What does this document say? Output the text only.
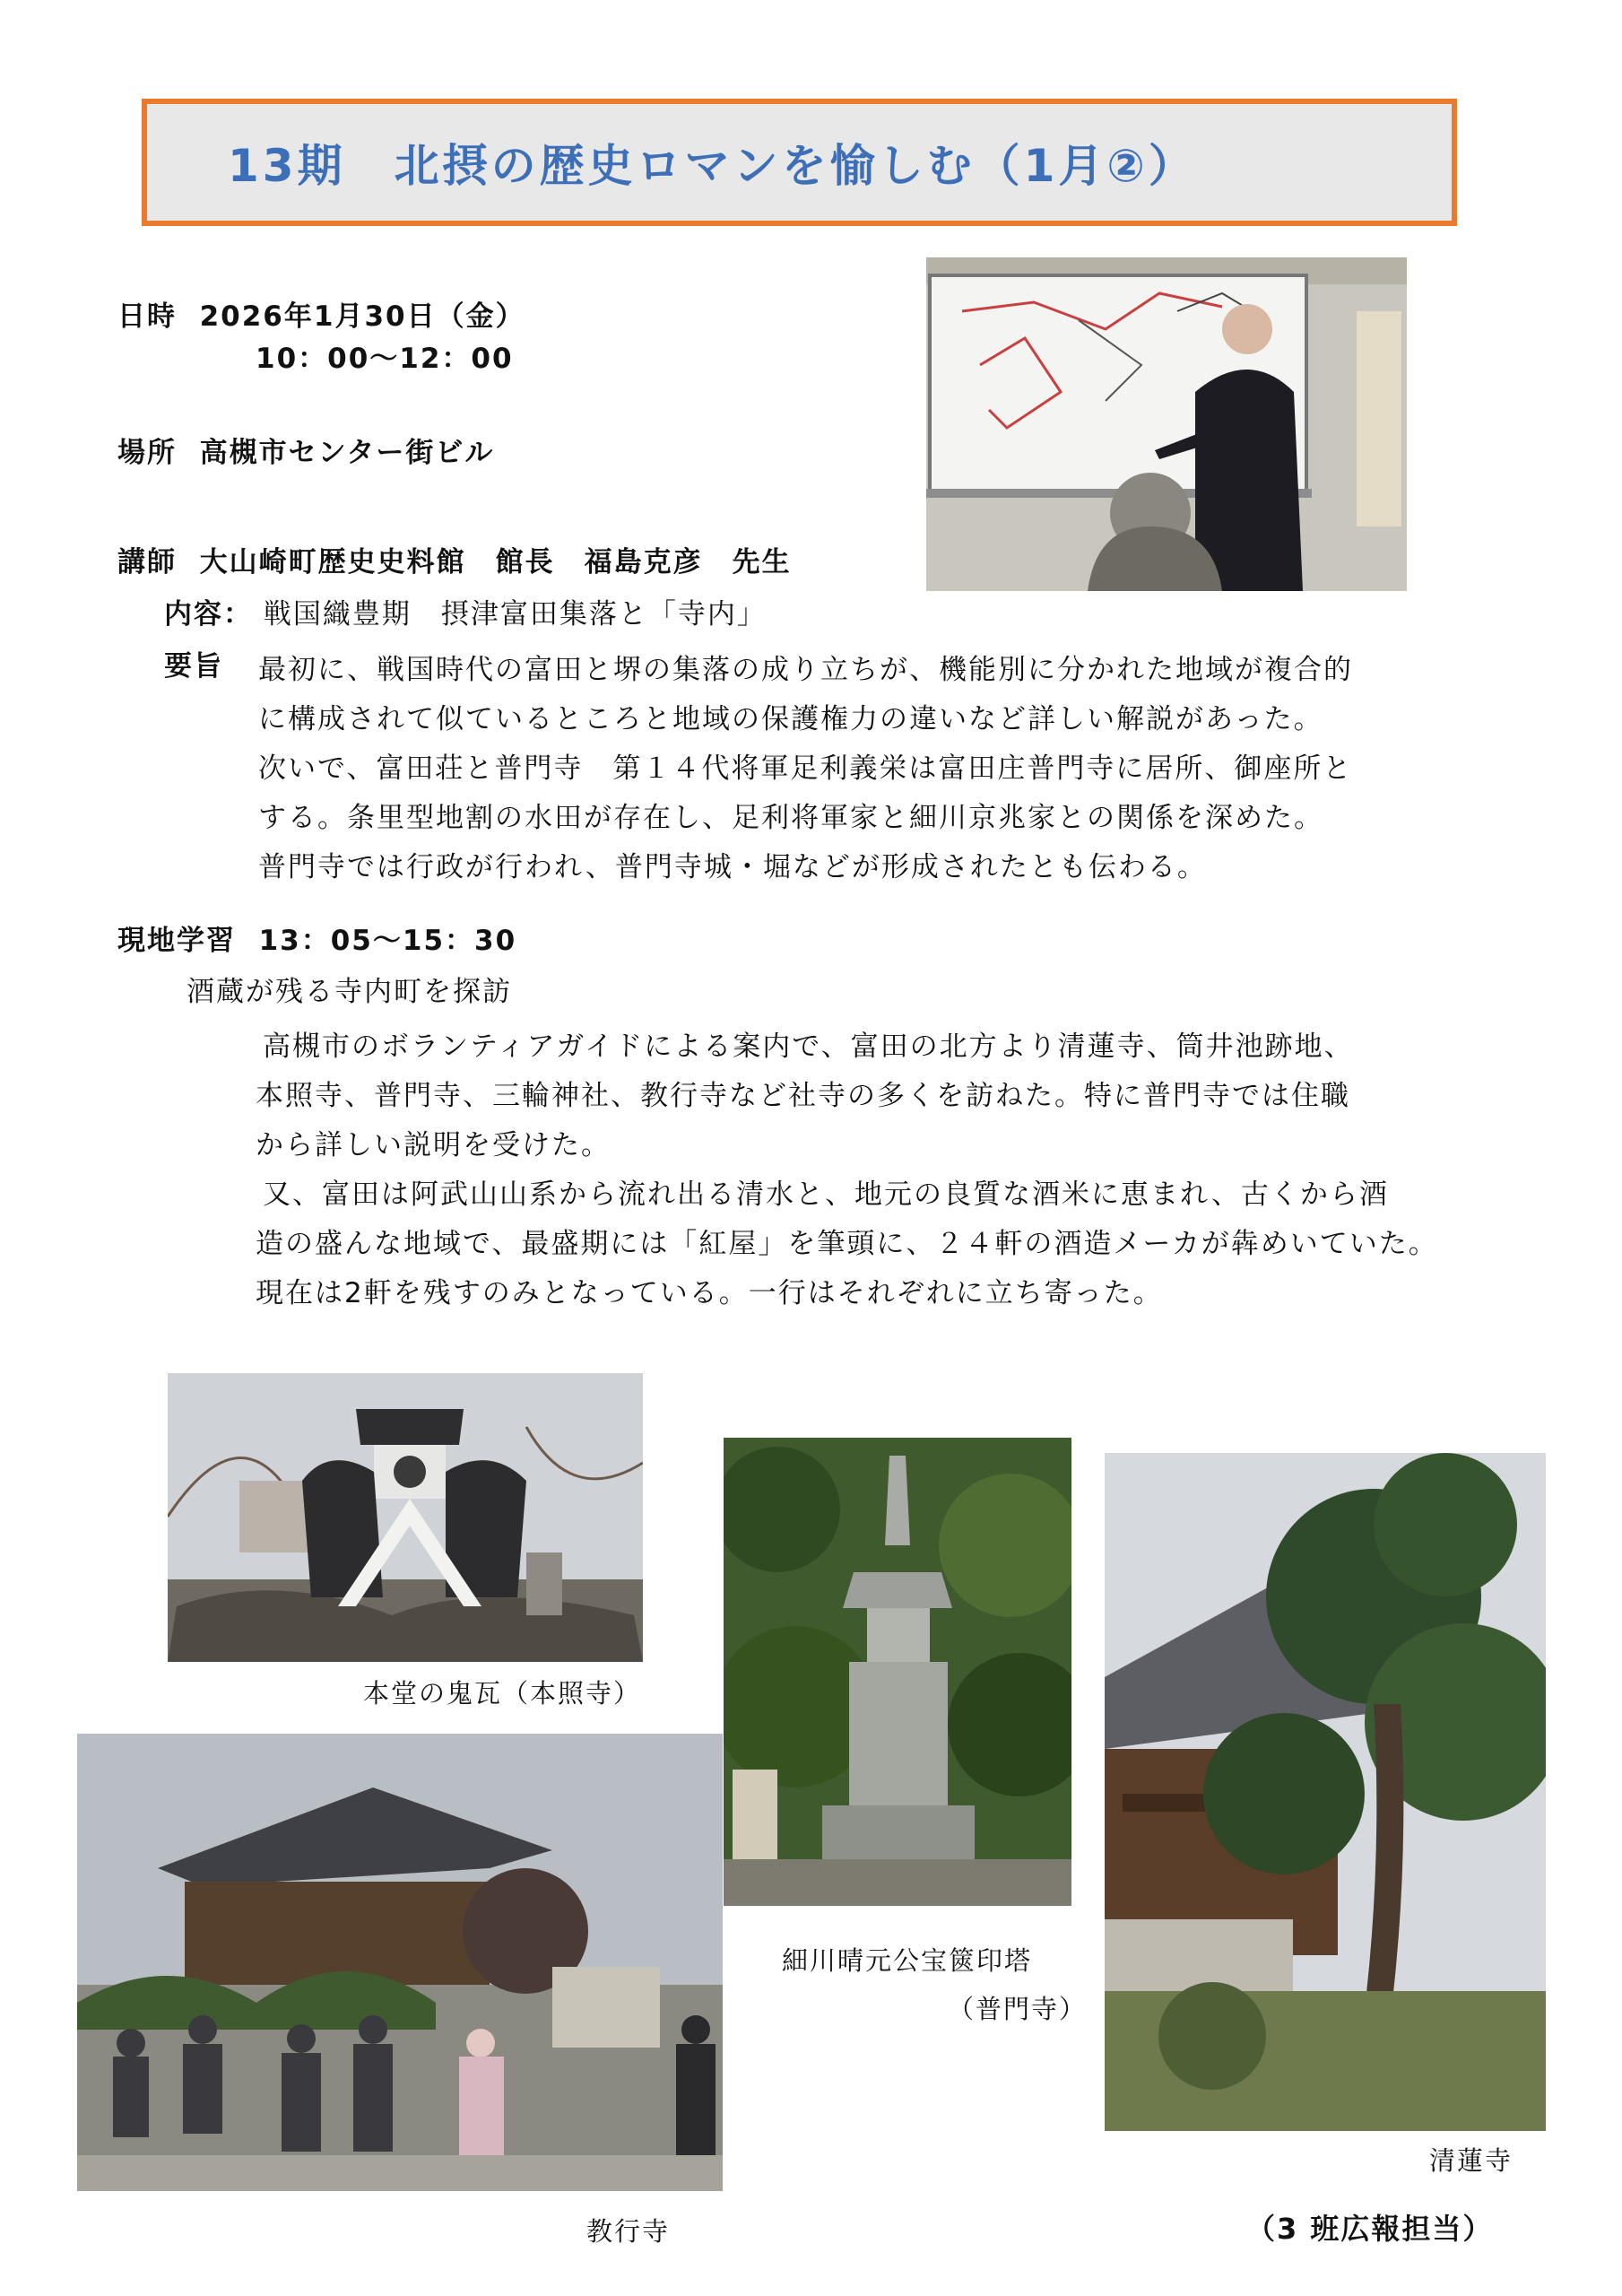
13期　北摂の歴史ロマンを愉しむ（1月②）
日時 2026年1月30日（金）
10：00～12：00
場所 高槻市センター街ビル
講師 大山崎町歴史史料館　館長　福島克彦　先生
内容： 戦国織豊期　摂津富田集落と「寺内」
要旨 最初に、戦国時代の富田と堺の集落の成り立ちが、機能別に分かれた地域が複合的
に構成されて似ているところと地域の保護権力の違いなど詳しい解説があった。
次いで、富田荘と普門寺　第１４代将軍足利義栄は富田庄普門寺に居所、御座所と
する。条里型地割の水田が存在し、足利将軍家と細川京兆家との関係を深めた。
普門寺では行政が行われ、普門寺城・堀などが形成されたとも伝わる。
現地学習 13：05～15：30
酒蔵が残る寺内町を探訪
高槻市のボランティアガイドによる案内で、富田の北方より清蓮寺、筒井池跡地、
本照寺、普門寺、三輪神社、教行寺など社寺の多くを訪ねた。特に普門寺では住職
から詳しい説明を受けた。
又、富田は阿武山山系から流れ出る清水と、地元の良質な酒米に恵まれ、古くから酒
造の盛んな地域で、最盛期には「紅屋」を筆頭に、２４軒の酒造メーカが犇めいていた。
現在は2軒を残すのみとなっている。一行はそれぞれに立ち寄った。
本堂の鬼瓦（本照寺）
細川晴元公宝篋印塔
（普門寺）
清蓮寺
教行寺	（3 班広報担当）
